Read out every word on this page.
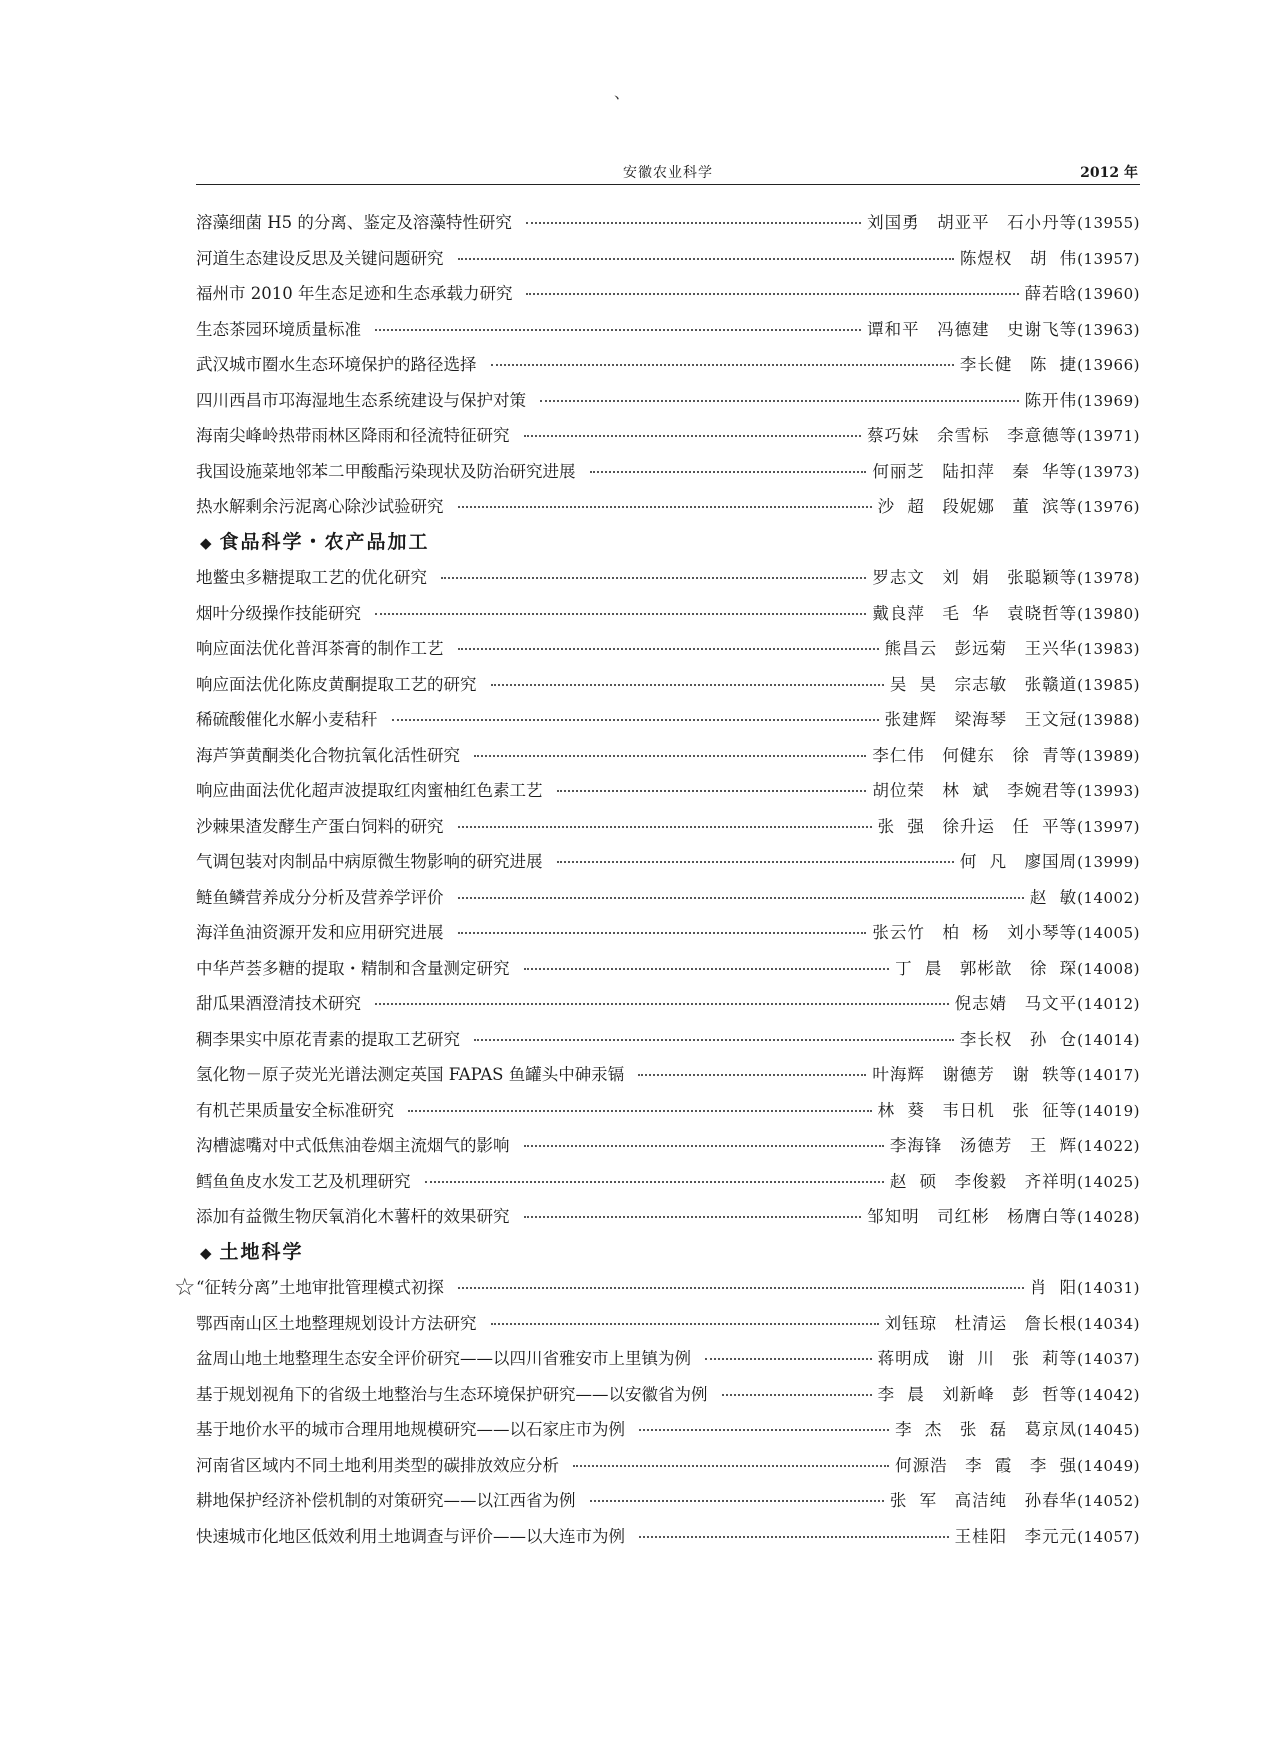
、
安徽农业科学	2012 年
溶藻细菌 H5 的分离、鉴定及溶藻特性研究	刘国勇　胡亚平　石小丹等 (13955)
河道生态建设反思及关键问题研究	陈煜权　胡 伟 (13957)
福州市 2010 年生态足迹和生态承载力研究	薛若晗 (13960)
生态茶园环境质量标准	谭和平　冯德建　史谢飞等 (13963)
武汉城市圈水生态环境保护的路径选择	李长健　陈 捷 (13966)
四川西昌市邛海湿地生态系统建设与保护对策	陈开伟 (13969)
海南尖峰岭热带雨林区降雨和径流特征研究	蔡巧妹　余雪标　李意德等 (13971)
我国设施菜地邻苯二甲酸酯污染现状及防治研究进展	何丽芝　陆扣萍　秦 华等 (13973)
热水解剩余污泥离心除沙试验研究	沙 超　段妮娜　董 滨等 (13976)
◆ 食品科学・农产品加工
地鳖虫多糖提取工艺的优化研究	罗志文　刘 娟　张聪颖等 (13978)
烟叶分级操作技能研究	戴良萍　毛 华　袁晓哲等 (13980)
响应面法优化普洱茶膏的制作工艺	熊昌云　彭远菊　王兴华 (13983)
响应面法优化陈皮黄酮提取工艺的研究	吴 昊　宗志敏　张赣道 (13985)
稀硫酸催化水解小麦秸秆	张建辉　梁海琴　王文冠 (13988)
海芦笋黄酮类化合物抗氧化活性研究	李仁伟　何健东　徐 青等 (13989)
响应曲面法优化超声波提取红肉蜜柚红色素工艺	胡位荣　林 斌　李婉君等 (13993)
沙棘果渣发酵生产蛋白饲料的研究	张 强　徐升运　任 平等 (13997)
气调包装对肉制品中病原微生物影响的研究进展	何 凡　廖国周 (13999)
鲢鱼鳞营养成分分析及营养学评价	赵 敏 (14002)
海洋鱼油资源开发和应用研究进展	张云竹　柏 杨　刘小琴等 (14005)
中华芦荟多糖的提取・精制和含量测定研究	丁 晨　郭彬歆　徐 琛 (14008)
甜瓜果酒澄清技术研究	倪志婧　马文平 (14012)
稠李果实中原花青素的提取工艺研究	李长权　孙 仓 (14014)
氢化物－原子荧光光谱法测定英国 FAPAS 鱼罐头中砷汞镉	叶海辉　谢德芳　谢 轶等 (14017)
有机芒果质量安全标准研究	林 葵　韦日机　张 征等 (14019)
沟槽滤嘴对中式低焦油卷烟主流烟气的影响	李海锋　汤德芳　王 辉 (14022)
鳕鱼鱼皮水发工艺及机理研究	赵 硕　李俊毅　齐祥明 (14025)
添加有益微生物厌氧消化木薯杆的效果研究	邹知明　司红彬　杨膺白等 (14028)
◆ 土地科学
☆ “征转分离”土地审批管理模式初探	肖 阳 (14031)
鄂西南山区土地整理规划设计方法研究	刘钰琼　杜清运　詹长根 (14034)
盆周山地土地整理生态安全评价研究——以四川省雅安市上里镇为例	蒋明成　谢 川　张 莉等 (14037)
基于规划视角下的省级土地整治与生态环境保护研究——以安徽省为例	李 晨　刘新峰　彭 哲等 (14042)
基于地价水平的城市合理用地规模研究——以石家庄市为例	李 杰　张 磊　葛京凤 (14045)
河南省区域内不同土地利用类型的碳排放效应分析	何源浩　李 霞　李 强 (14049)
耕地保护经济补偿机制的对策研究——以江西省为例	张 军　高洁纯　孙春华 (14052)
快速城市化地区低效利用土地调查与评价——以大连市为例	王桂阳　李元元 (14057)
